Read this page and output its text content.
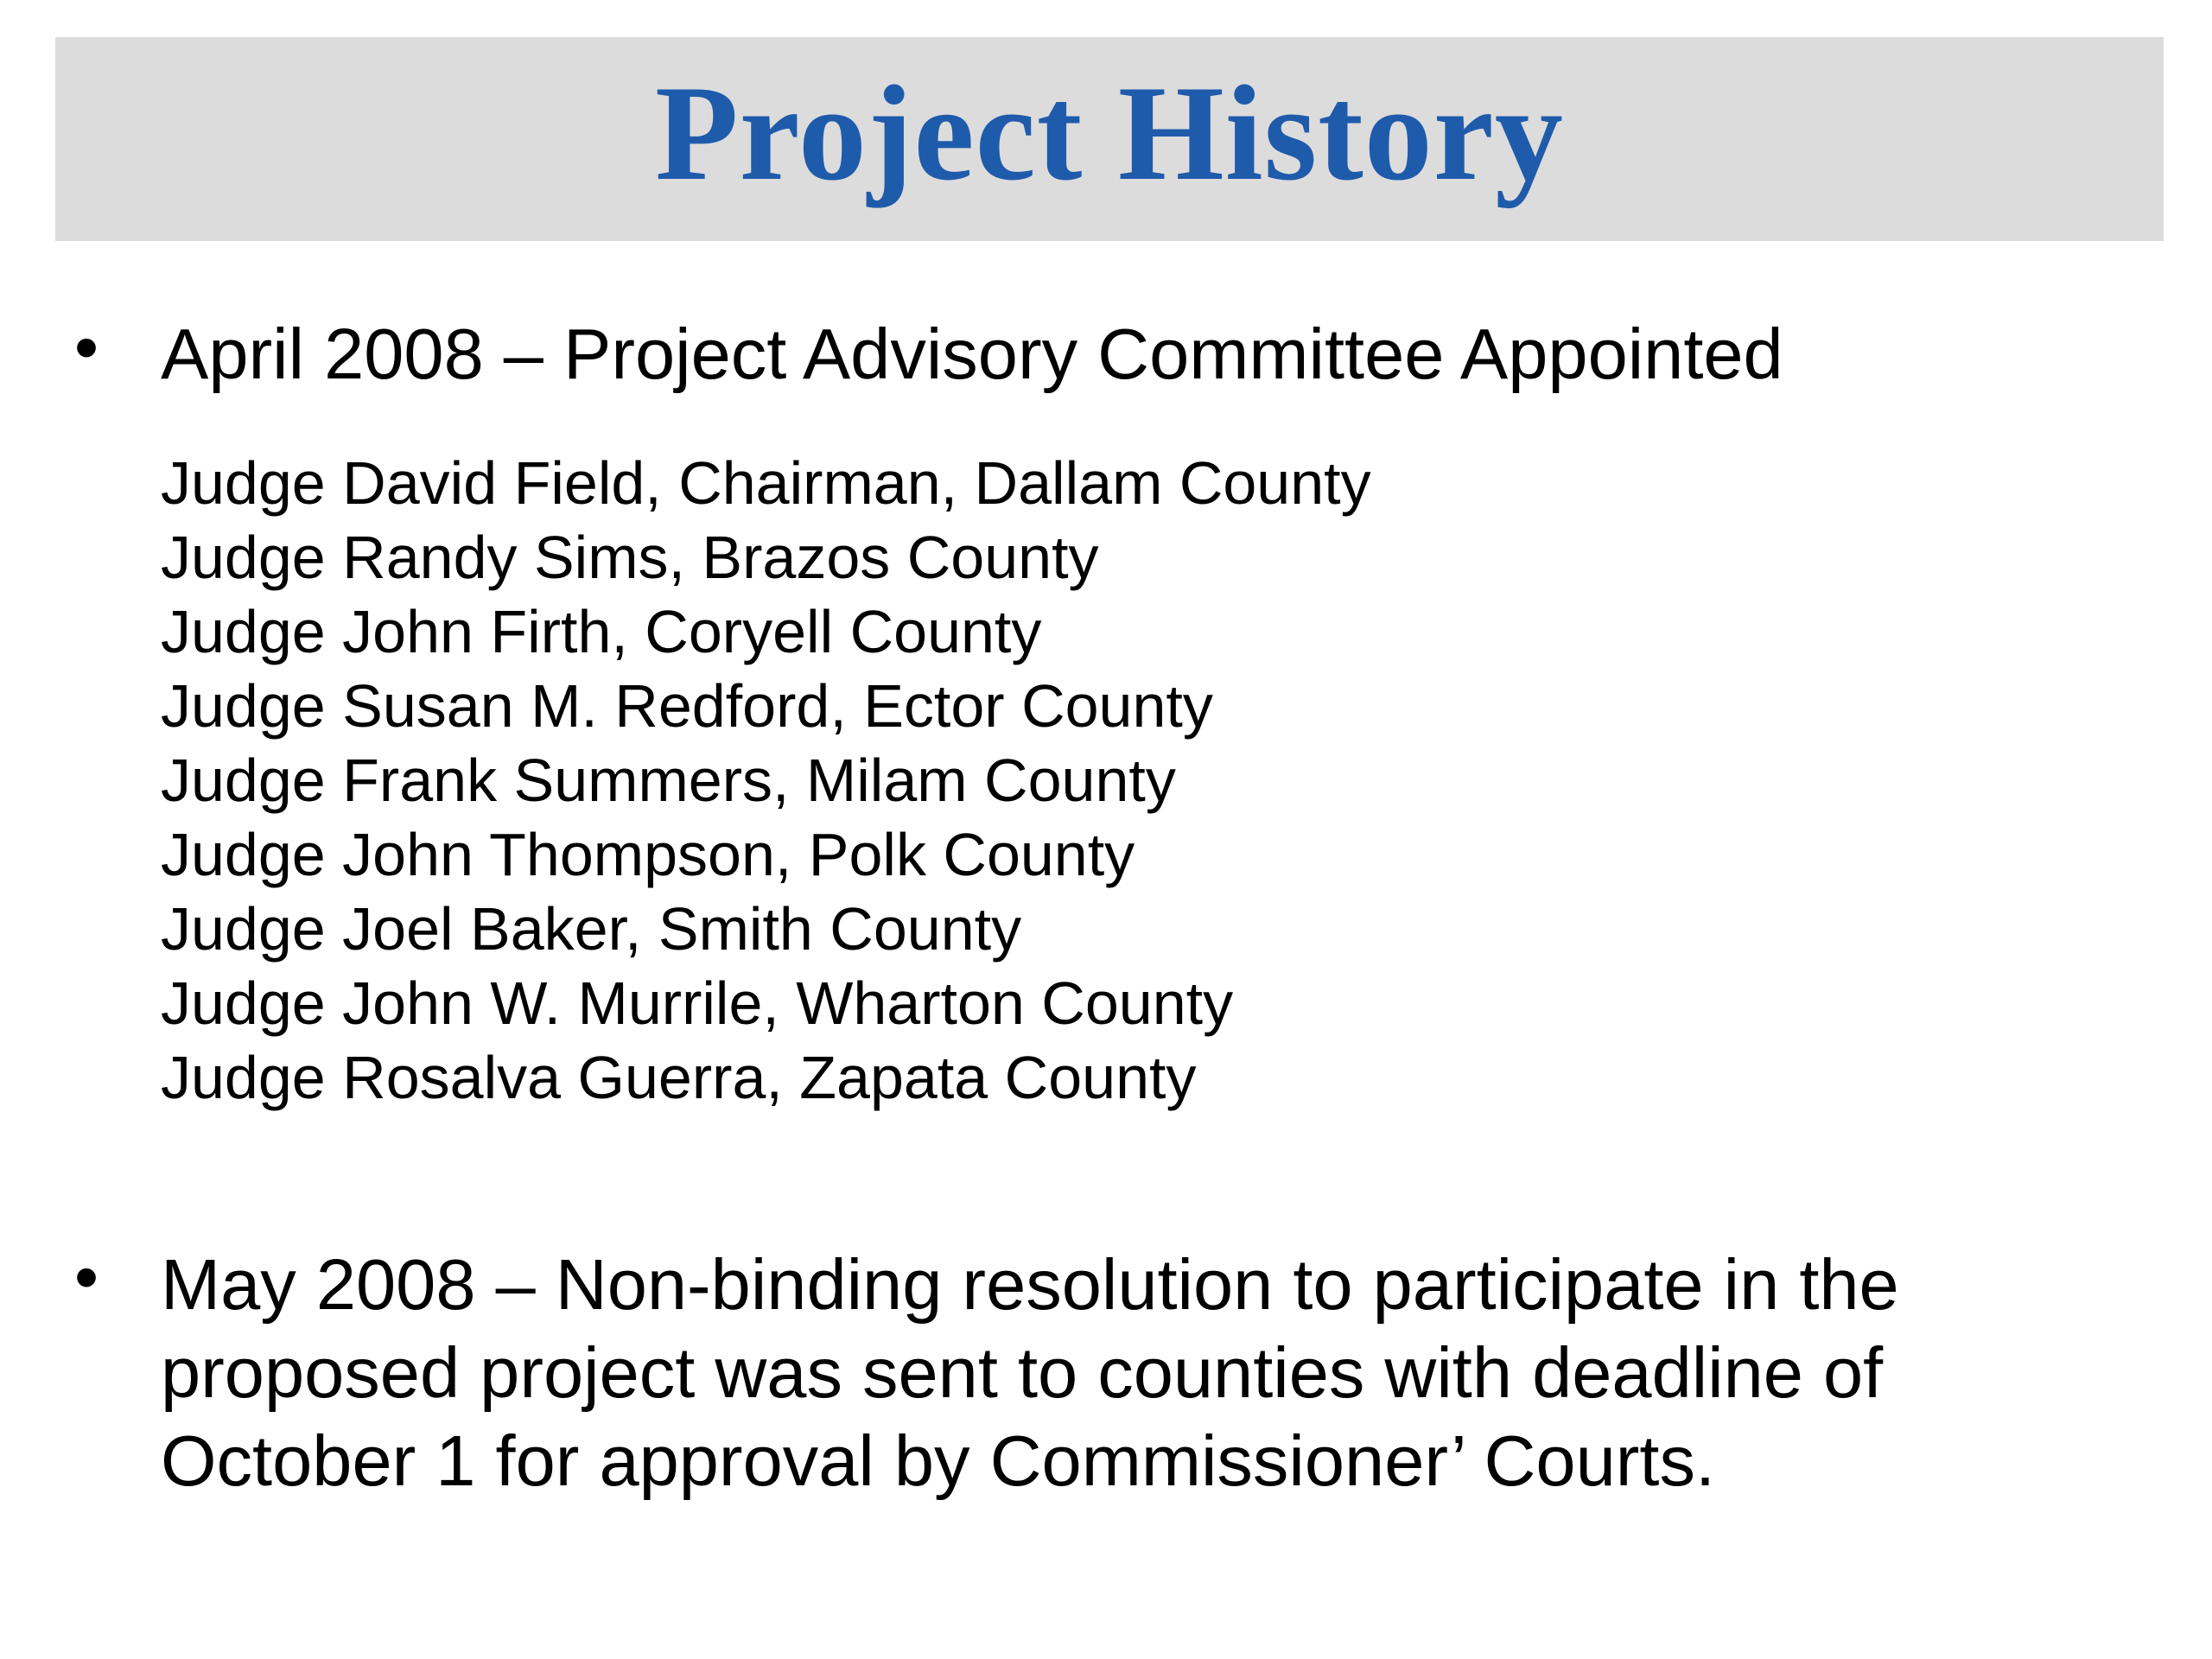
Project History
• April 2008 – Project Advisory Committee Appointed
Judge David Field, Chairman, Dallam County
Judge Randy Sims, Brazos County
Judge John Firth, Coryell County
Judge Susan M. Redford, Ector County
Judge Frank Summers, Milam County
Judge John Thompson, Polk County
Judge Joel Baker, Smith County
Judge John W. Murrile, Wharton County
Judge Rosalva Guerra, Zapata County
• May 2008 – Non-binding resolution to participate in the proposed project was sent to counties with deadline of October 1 for approval by Commissioner’ Courts.
